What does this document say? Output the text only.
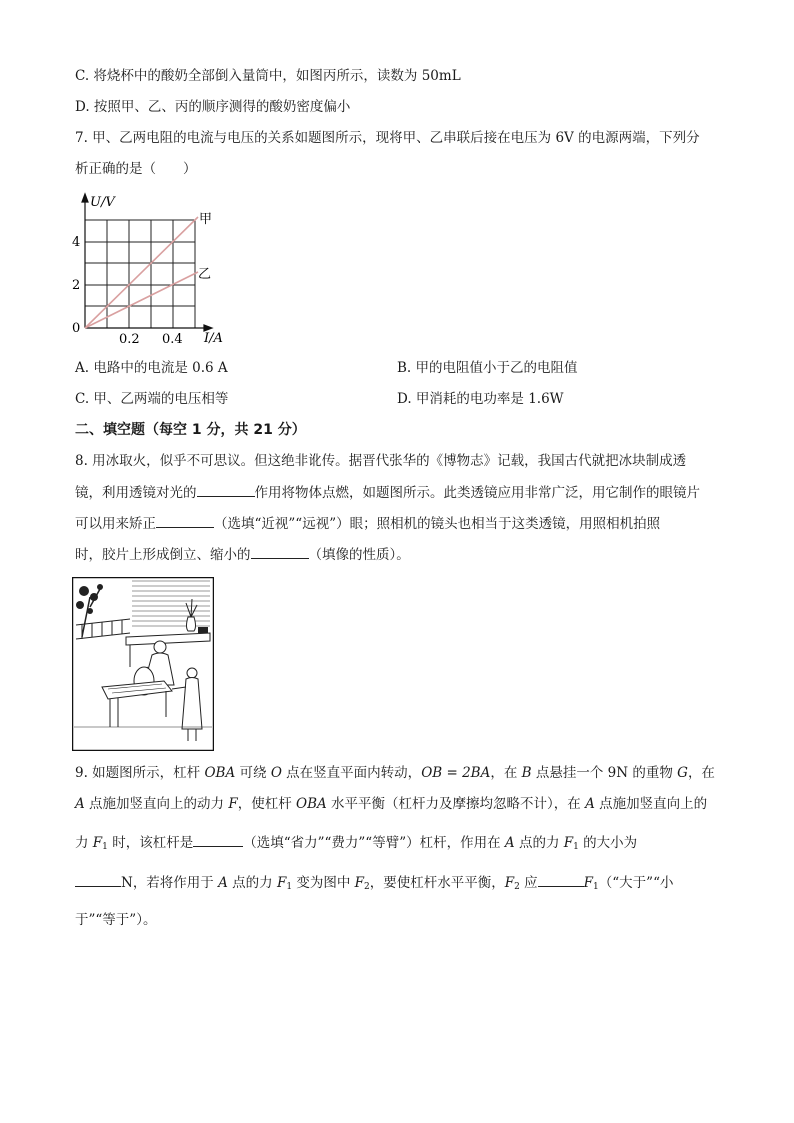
C. 将烧杯中的酸奶全部倒入量筒中，如图丙所示，读数为 50mL
D. 按照甲、乙、丙的顺序测得的酸奶密度偏小
7. 甲、乙两电阻的电流与电压的关系如题图所示，现将甲、乙串联后接在电压为 6V 的电源两端，下列分
析正确的是（　　）
U/V
4
2
0
0.2 0.4 I/A
甲
乙
A. 电路中的电流是 0.6 A	B. 甲的电阻值小于乙的电阻值
C. 甲、乙两端的电压相等	D. 甲消耗的电功率是 1.6W
二、填空题（每空 1 分，共 21 分）
8. 用冰取火，似乎不可思议。但这绝非讹传。据晋代张华的《博物志》记载，我国古代就把冰块制成透
镜，利用透镜对光的	作用将物体点燃，如题图所示。此类透镜应用非常广泛，用它制作的眼镜片
可以用来矫正	（选填“近视”“远视”）眼；照相机的镜头也相当于这类透镜，用照相机拍照
时，胶片上形成倒立、缩小的	（填像的性质）。
9. 如题图所示，杠杆 OBA 可绕 O 点在竖直平面内转动，OB = 2BA，在 B 点悬挂一个 9N 的重物 G，在
A 点施加竖直向上的动力 F，使杠杆 OBA 水平平衡（杠杆力及摩擦均忽略不计），在 A 点施加竖直向上的
力 $F_1$ 时，该杠杆是	（选填“省力”“费力”“等臂”）杠杆，作用在 A 点的力 $F_1$ 的大小为
N，若将作用于 A 点的力 $F_1$ 变为图中 $F_2$，要使杠杆水平平衡，$F_2$ 应	$F_1(“$大于”“小
于”“等于”）。
